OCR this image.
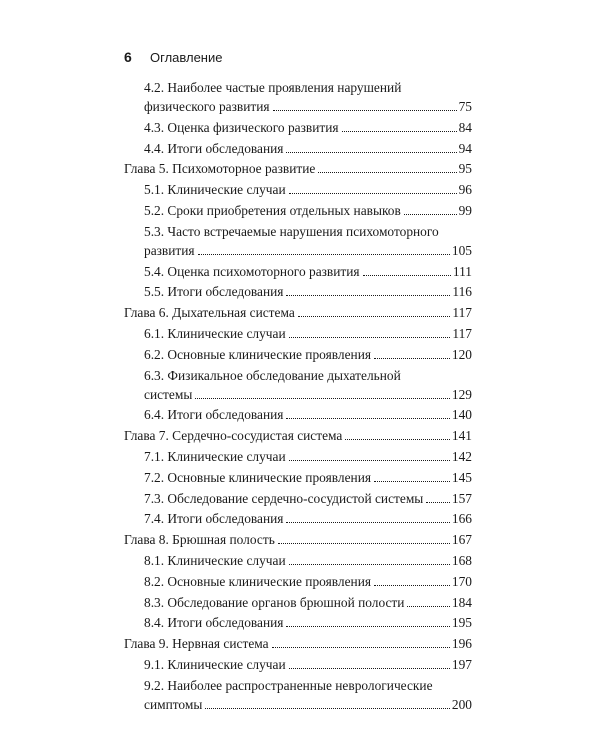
6	Оглавление
4.2. Наиболее частые проявления нарушений
физического развития	75
4.3. Оценка физического развития	84
4.4. Итоги обследования	94
Глава 5. Психомоторное развитие	95
5.1. Клинические случаи	96
5.2. Сроки приобретения отдельных навыков	99
5.3. Часто встречаемые нарушения психомоторного
развития	105
5.4. Оценка психомоторного развития	111
5.5. Итоги обследования	116
Глава 6. Дыхательная система	117
6.1. Клинические случаи	117
6.2. Основные клинические проявления	120
6.3. Физикальное обследование дыхательной
системы	129
6.4. Итоги обследования	140
Глава 7. Сердечно-сосудистая система	141
7.1. Клинические случаи	142
7.2. Основные клинические проявления	145
7.3. Обследование сердечно-сосудистой системы 157
7.4. Итоги обследования	166
Глава 8. Брюшная полость	167
8.1. Клинические случаи	168
8.2. Основные клинические проявления	170
8.3. Обследование органов брюшной полости	184
8.4. Итоги обследования	195
Глава 9. Нервная система	196
9.1. Клинические случаи	197
9.2. Наиболее распространенные неврологические
симптомы	200
